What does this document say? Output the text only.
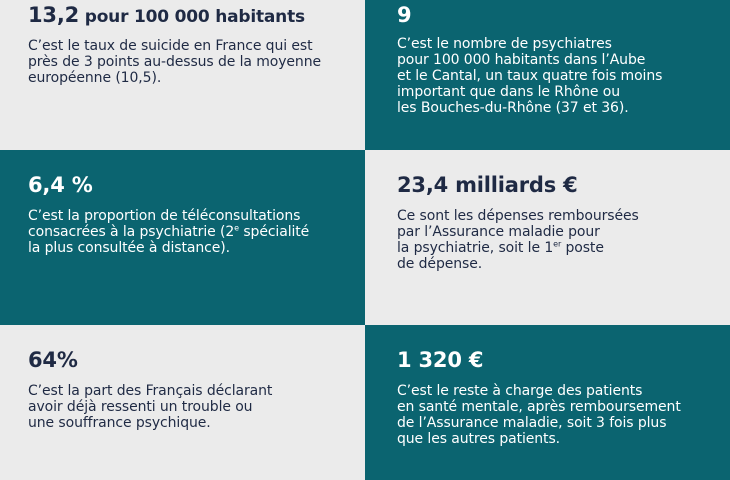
13,2 pour 100 000 habitants

C’est le taux de suicide en France qui est
près de 3 points au-dessus de la moyenne
européenne (10,5).

9

C’est le nombre de psychiatres
pour 100 000 habitants dans l’Aube
et le Cantal, un taux quatre fois moins
important que dans le Rhône ou
les Bouches-du-Rhône (37 et 36).

6,4 %

C’est la proportion de téléconsultations
consacrées à la psychiatrie (2e spécialité
la plus consultée à distance).

23,4 milliards €

Ce sont les dépenses remboursées
par l’Assurance maladie pour
la psychiatrie, soit le 1er poste
de dépense.

64%

C’est la part des Français déclarant
avoir déjà ressenti un trouble ou
une souffrance psychique.

1 320 €

C’est le reste à charge des patients
en santé mentale, après remboursement
de l’Assurance maladie, soit 3 fois plus
que les autres patients.
